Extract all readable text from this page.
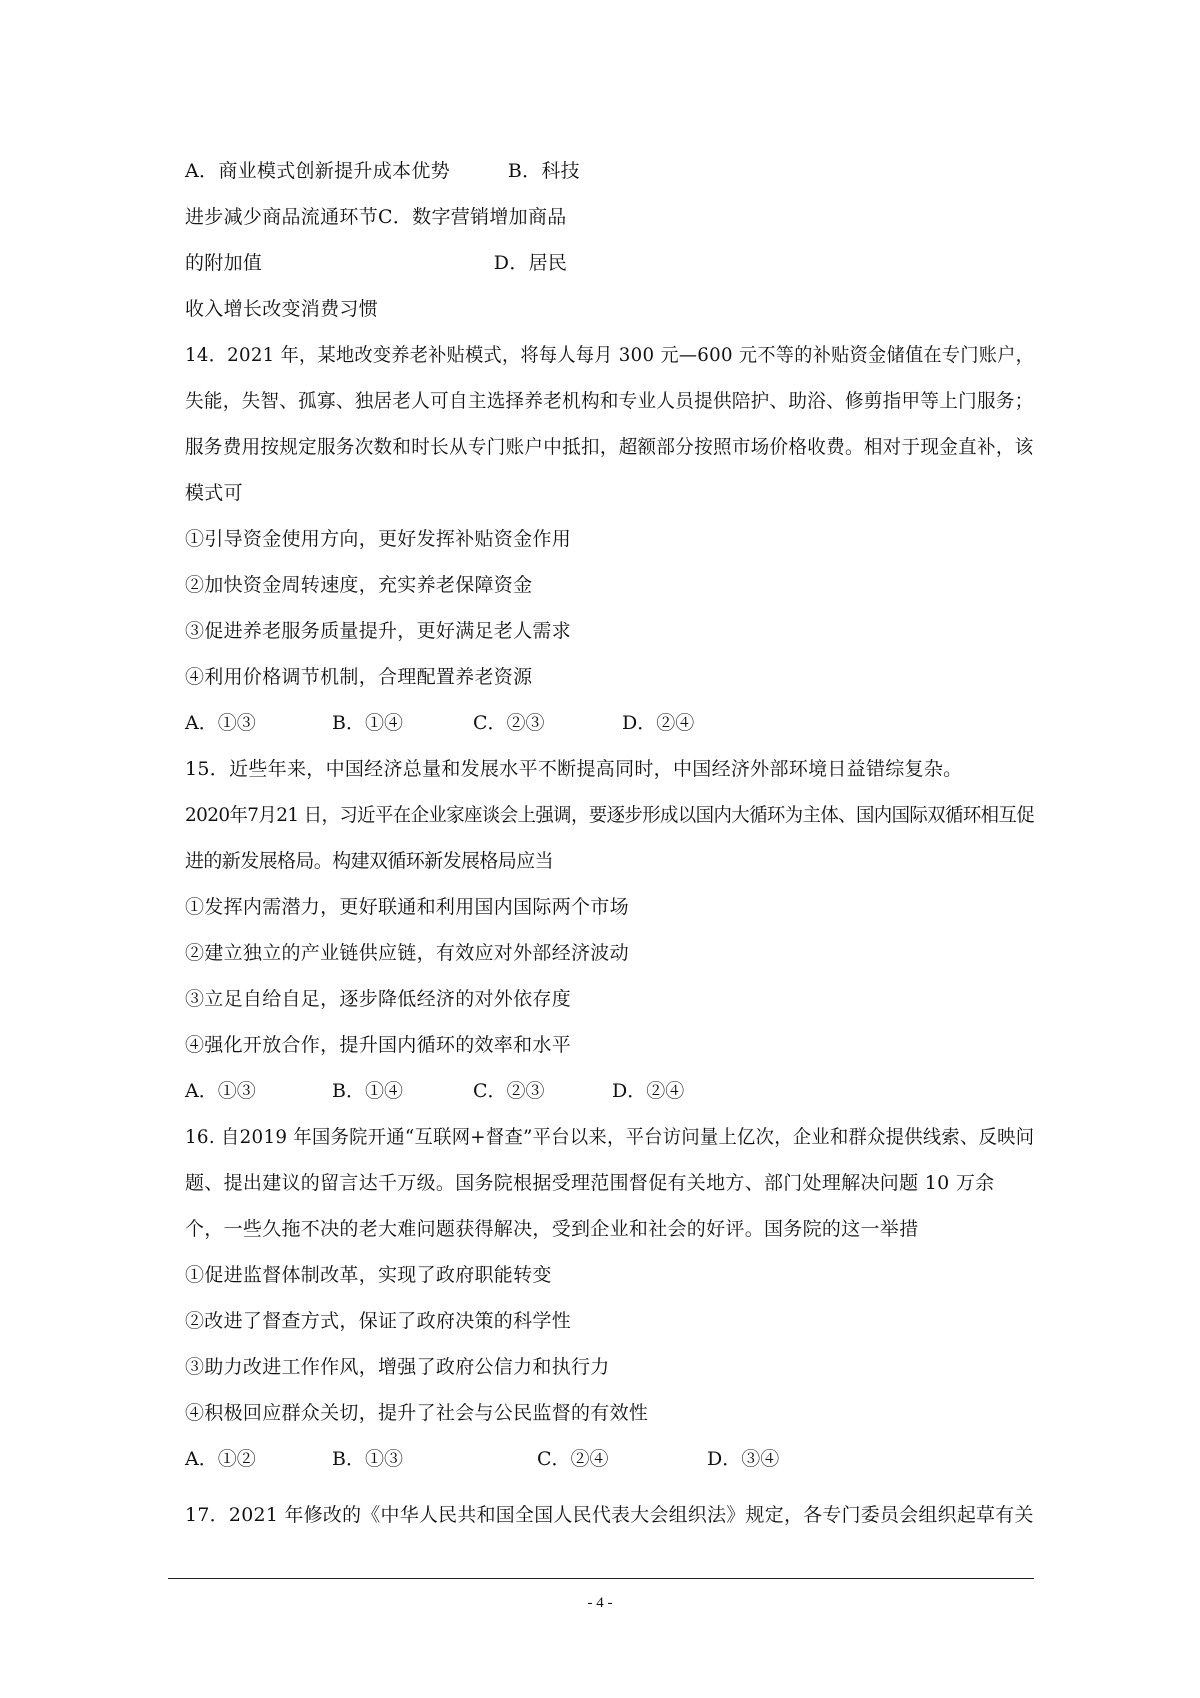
A．商业模式创新提升成本优势　　　B．科技
进步减少商品流通环节C．数字营销增加商品
的附加值　　　　　　　　　　　　D．居民
收入增长改变消费习惯
14．2021 年，某地改变养老补贴模式，将每人每月 300 元—600 元不等的补贴资金储值在专门账户，
失能，失智、孤寡、独居老人可自主选择养老机构和专业人员提供陪护、助浴、修剪指甲等上门服务；
服务费用按规定服务次数和时长从专门账户中抵扣，超额部分按照市场价格收费。相对于现金直补，该
模式可
①引导资金使用方向，更好发挥补贴资金作用
②加快资金周转速度，充实养老保障资金
③促进养老服务质量提升，更好满足老人需求
④利用价格调节机制，合理配置养老资源
A．①③	B．①④	C．②③	D．②④
15．近些年来，中国经济总量和发展水平不断提高同时，中国经济外部环境日益错综复杂。
2020年7月21 日，习近平在企业家座谈会上强调，要逐步形成以国内大循环为主体、国内国际双循环相互促
进的新发展格局。构建双循环新发展格局应当
①发挥内需潜力，更好联通和利用国内国际两个市场
②建立独立的产业链供应链，有效应对外部经济波动
③立足自给自足，逐步降低经济的对外依存度
④强化开放合作，提升国内循环的效率和水平
A．①③	B．①④	C．②③	D．②④
16. 自2019 年国务院开通“互联网+督查”平台以来，平台访问量上亿次，企业和群众提供线索、反映问
题、提出建议的留言达千万级。国务院根据受理范围督促有关地方、部门处理解决问题 10 万余
个，一些久拖不决的老大难问题获得解决，受到企业和社会的好评。国务院的这一举措
①促进监督体制改革，实现了政府职能转变
②改进了督查方式，保证了政府决策的科学性
③助力改进工作作风，增强了政府公信力和执行力
④积极回应群众关切，提升了社会与公民监督的有效性
A．①②	B．①③	C．②④	D．③④
17．2021 年修改的《中华人民共和国全国人民代表大会组织法》规定，各专门委员会组织起草有关
- 4 -
